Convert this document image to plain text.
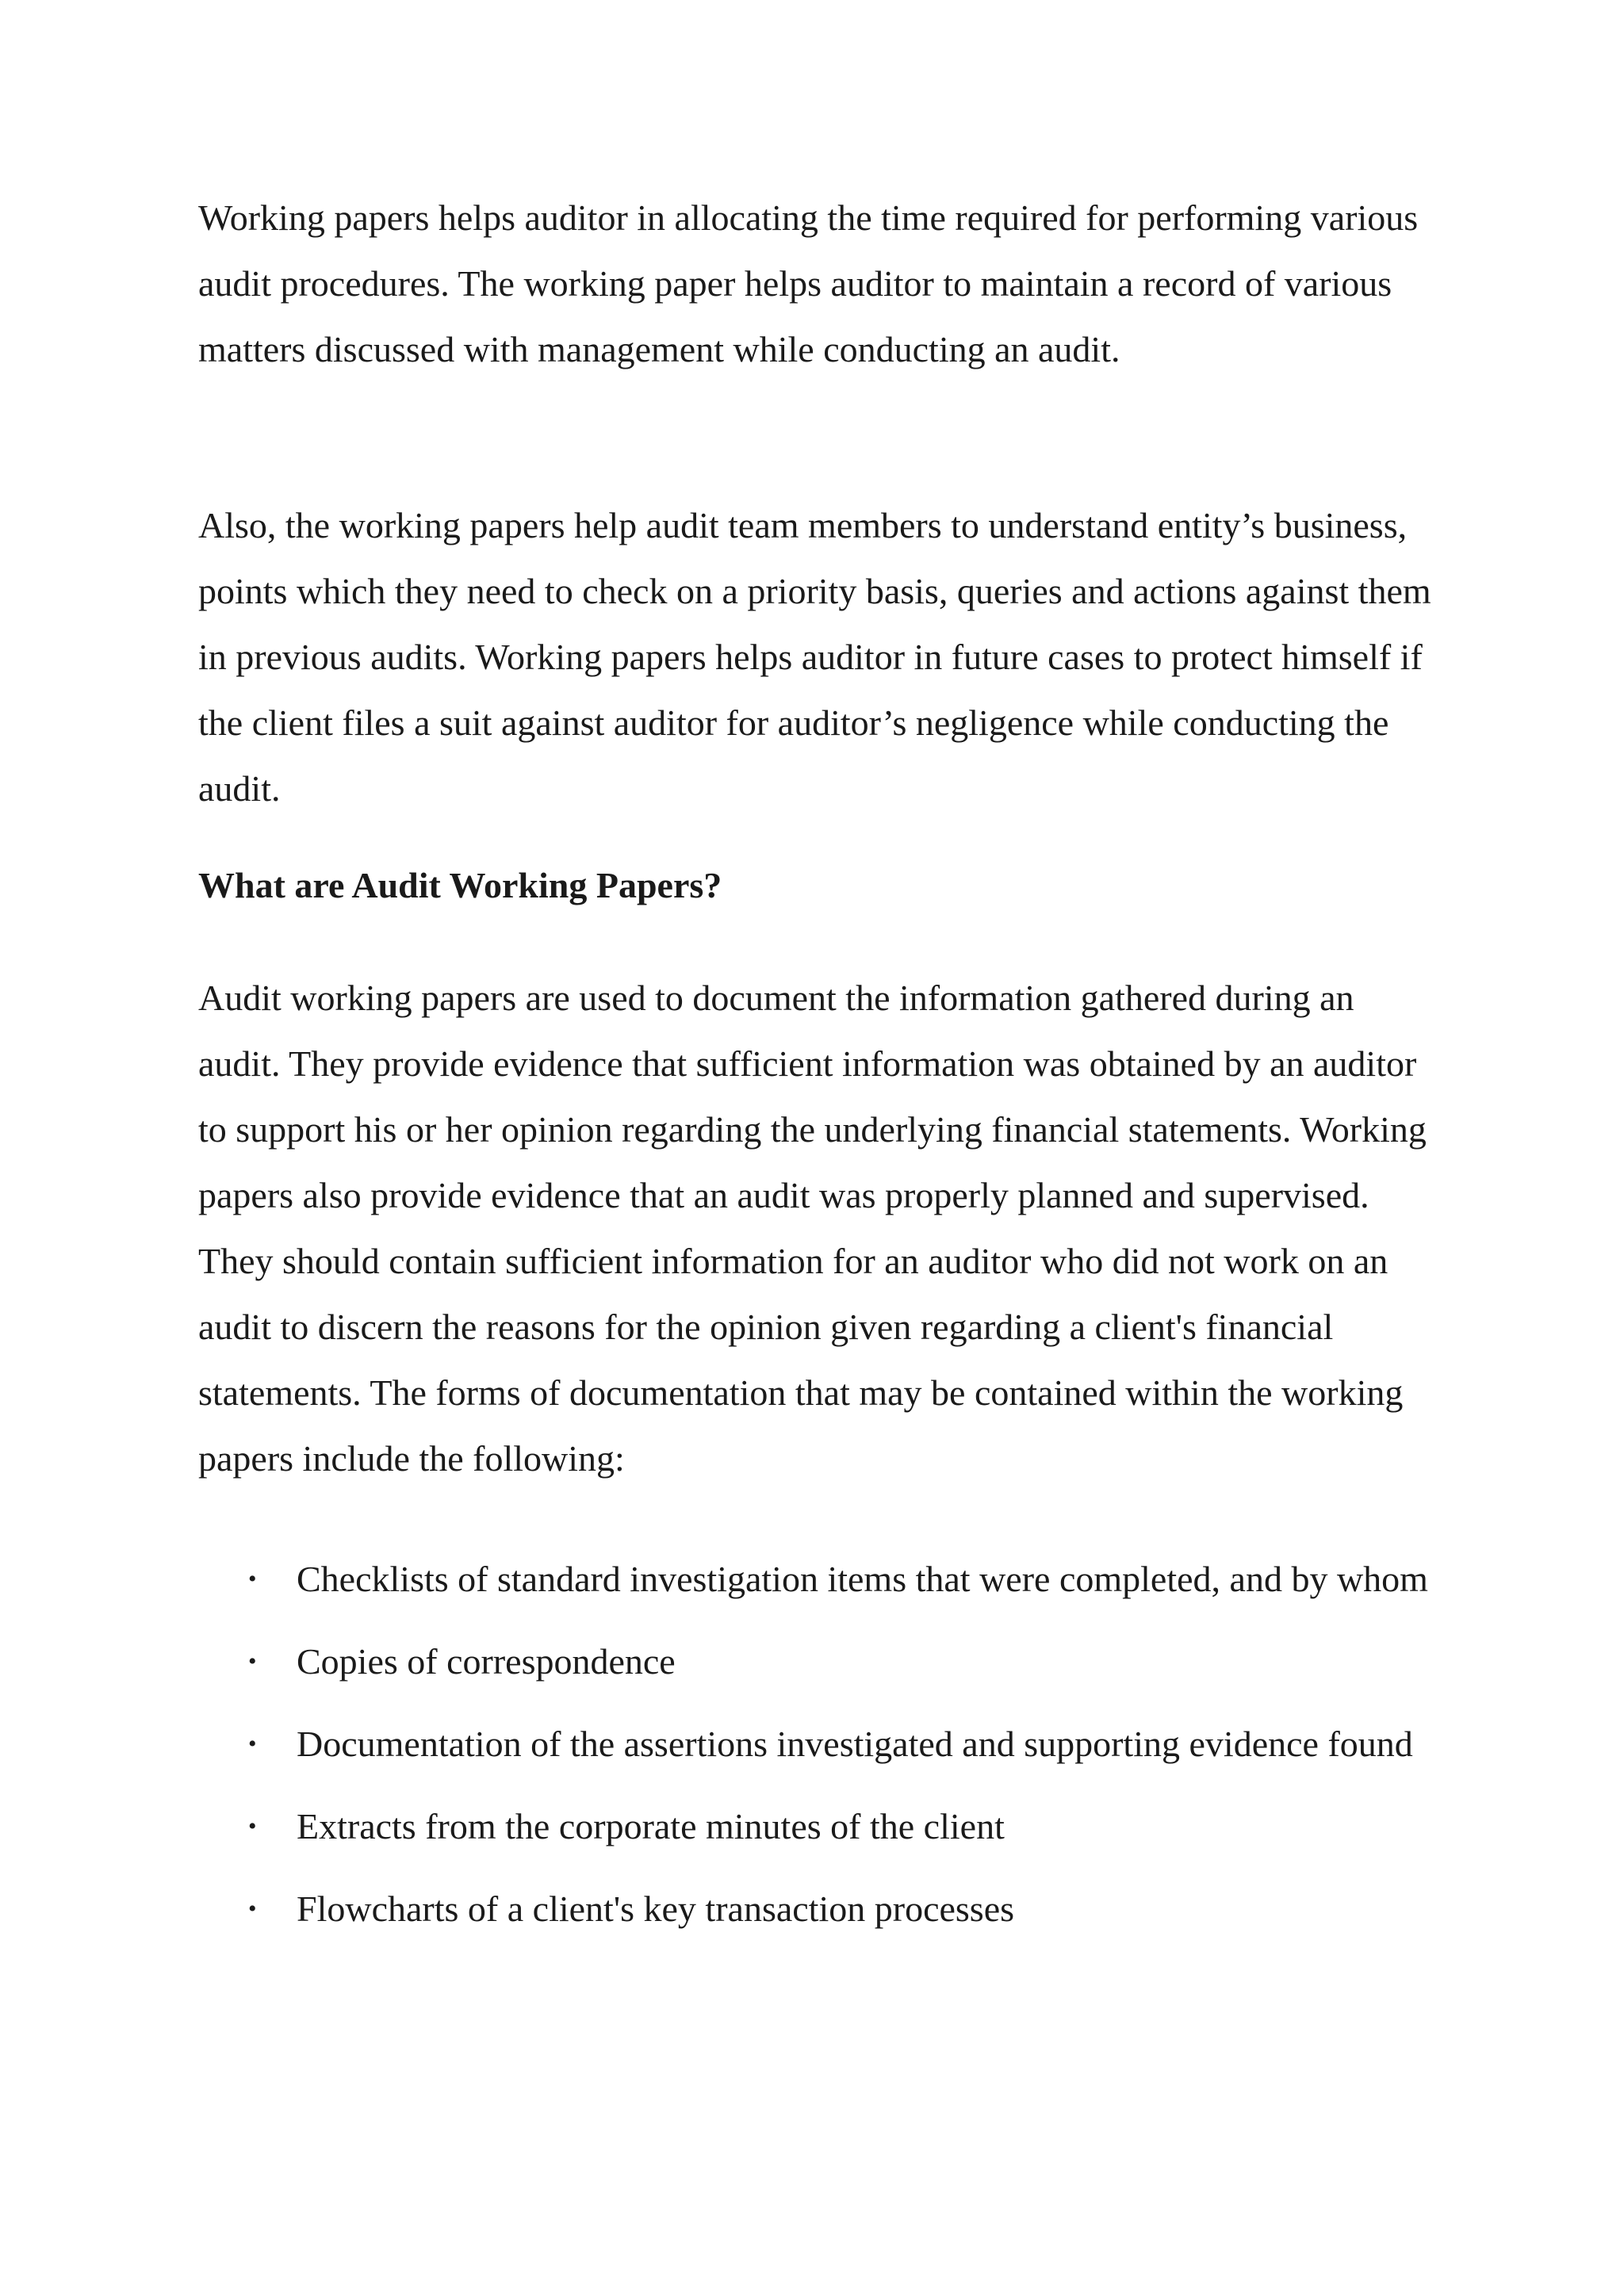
Working papers helps auditor in allocating the time required for performing various audit procedures. The working paper helps auditor to maintain a record of various matters discussed with management while conducting an audit.

Also, the working papers help audit team members to understand entity’s business, points which they need to check on a priority basis, queries and actions against them in previous audits. Working papers helps auditor in future cases to protect himself if the client files a suit against auditor for auditor’s negligence while conducting the audit.

What are Audit Working Papers?

Audit working papers are used to document the information gathered during an audit. They provide evidence that sufficient information was obtained by an auditor to support his or her opinion regarding the underlying financial statements. Working papers also provide evidence that an audit was properly planned and supervised. They should contain sufficient information for an auditor who did not work on an audit to discern the reasons for the opinion given regarding a client's financial statements. The forms of documentation that may be contained within the working papers include the following:

• Checklists of standard investigation items that were completed, and by whom
• Copies of correspondence
• Documentation of the assertions investigated and supporting evidence found
• Extracts from the corporate minutes of the client
• Flowcharts of a client's key transaction processes
